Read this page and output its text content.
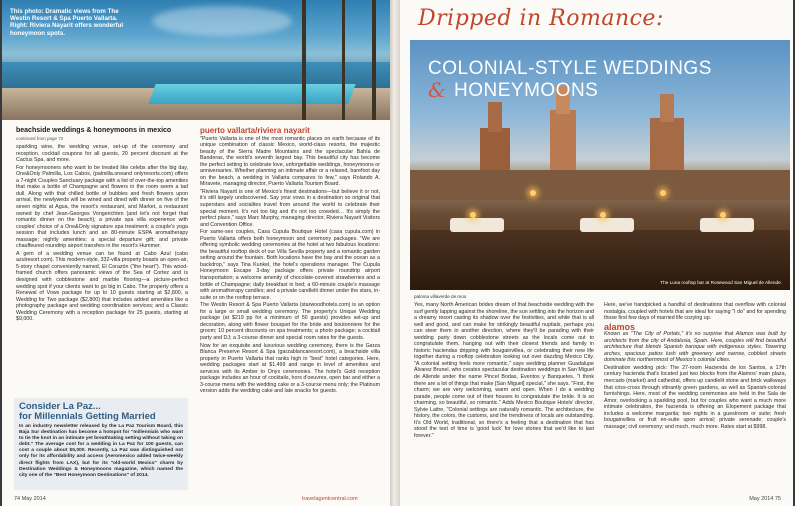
This photo: Dramatic views from The Westin Resort & Spa Puerto Vallarta. Right: Riviera Nayarit offers wonderful honeymoon spots.
beachside weddings & honeymoons in mexico
continued from page 72

sparkling wine, the wedding venue, set-up of the ceremony and reception, cocktail coupons for all guests, 20 percent discount at the Cactus Spa, and more.

For honeymooners who want to be treated like celebs after the big day, One&Only Palmilla, Los Cabos, (palmilla.oneand onlyresorts.com) offers a 7-night Couples Sanctuary package with a list of over-the-top amenities that make a bottle of Champagne and flowers in the room seem a tad dull. Along with that chilled bottle of bubbles and fresh flowers upon arrival, the newlyweds will be wined and dined with dinner on five of the seven nights at Agua, the resort's restaurant, and Market, a restaurant owned by chef Jean-Georges Vongerichten (and let's not forget that romantic dinner on the beach); a private spa villa experience with couples' choice of a One&Only signature spa treatment; a couple's yoga session that includes lunch and an 80-minute ESPA aromatherapy massage; nightly amenities; a special departure gift; and private chauffeured roundtrip airport transfers in the resort's Hummer.

A gem of a wedding venue can be found at Cabo Azul (cabo azulresort.com). This modern-style, 332-villa property boasts an open-air, 5-story chapel conveniently named, El Corazón ("the heart"). This wood-framed church offers panoramic views of the Sea of Cortez and is designed with cobblestone and marble flooring—a picture-perfect wedding spot if your clients want to go big in Cabo. The property offers a Renewal of Vows package for up to 10 guests starting at $2,800, a Wedding for Two package ($2,800) that includes added amenities like a photography package and wedding coordination services; and a Classic Wedding Ceremony with a reception package for 25 guests, starting at $9,000.

Consider La Paz...
for Millennials Getting Married
In an industry newsletter released by the La Paz Tourism Board, this Baja Sur destination has become a hotspot for "millennials who want to tie the knot in an intimate yet breathtaking setting without taking on debt." The average cost for a wedding in La Paz for 100 guests, can cost a couple about $5,000. Recently, La Paz was distinguished not only for its affordability and access (Aeromexico added twice-weekly direct flights from LAX), but for its "old-world Mexico" charm by Destination Weddings & Honeymoons magazine, which named the city one of the "Best Honeymoon Destinations" of 2014.
puerto vallarta/riviera nayarit

"Puerto Vallarta is one of the most romantic places on earth because of its unique combination of classic Mexico, world-class resorts, the majestic beauty of the Sierra Madre Mountains and the spectacular Bahía de Banderas, the world's seventh largest bay. This beautiful city has become the perfect setting to celebrate love, unforgettable weddings, honeymoons or anniversaries. Whether planning an intimate affair or a relaxed, barefoot day on the beach, a wedding in Vallarta compares to few," says Rolando A. Miravete, managing director, Puerto Vallarta Tourism Board.

"Riviera Nayarit is one of Mexico's finest destinations—but believe it or not, it's still largely undiscovered. Say your vows in a destination so original that superstars and socialites travel from around the world to celebrate their special moment. It's not too big and it's not too crowded… It's simply the perfect place," says Marc Murphy, managing director, Riviera Nayarit Visitors and Convention Office.

For same-sex couples, Casa Cupula Boutique Hotel (casa cupula.com) in Puerto Vallarta offers both honeymoon and ceremony packages. "We are offering symbolic wedding ceremonies at the hotel at two fabulous locations: the beautiful rooftop deck of our Villa Sevilla property and a romantic garden setting around the fountain. Both locations have the bay and the ocean as a backdrop," says Tina Kunkel, the hotel's operations manager. The Cupula Honeymoon Escape 3-day package offers private roundtrip airport transportation; a welcome amenity of chocolate-covered strawberries and a bottle of Champagne; daily breakfast in bed; a 60-minute couple's massage with aromatherapy candles; and a private candlelit dinner under the stars, in-suite or on the rooftop terrace.

The Westin Resort & Spa Puerto Vallarta (starwoodhotels.com) is an option for a large or small wedding ceremony. The property's Unique Wedding package (at $219 pp for a minimum of 50 guests) provides set-up and decoration, along with flower bouquet for the bride and boutonniere for the groom; 10 percent discounts on spa treatments; a photo package; a cocktail party and DJ; a 3-course dinner and special room rates for the guests.

Now for an exquisite and luxurious wedding ceremony, there is the Garza Blanca Preserve Resort & Spa (garzablancaresort.com), a beachside villa property in Puerto Vallarta that ranks high in "best" hotel categories. Here, wedding packages start at $1,499 and range in level of amenities and services with its Amber to Onyx ceremonies. The hotel's Gold reception package includes an hour of cocktails, hors d'oeuvres, open bar and either a 3-course menu with the wedding cake or a 3-course menu only; the Platinum version adds the wedding cake and late snacks for guests.

74 May 2014	travelagentcentral.com
Dripped in Romance:
COLONIAL-STYLE WEDDINGS
& HONEYMOONS
The Luna rooftop bar at Rosewood San Miguel de Allende.
paloma villaverde de moo

Yes, many North American brides dream of that beachside wedding with the surf gently lapping against the shoreline, the sun settling into the horizon and a dreamy resort casting its shadow over the festivities, and while that is all well and good, and can make for strikingly beautiful nuptials, perhaps you can steer them in another direction, where they'll be parading with their wedding party down cobblestone streets as the locals come out to congratulate them, hanging out with their closest friends and family in historic haciendas dripping with bougainvillea, or celebrating their new life together during a rooftop celebration looking out over dazzling Mexico City. "A colonial setting feels more romantic," says wedding planner Guadalupe Álvarez Brunel, who creates spectacular destination weddings in San Miguel de Allende under the name Pincel Bodas, Eventos y Banquetes. "I think there are a lot of things that make [San Miguel] special," she says. "First, the charm; we are very welcoming, warm and open. When I do a wedding parade, people come out of their houses to congratulate the bride. It is so charming, so beautiful, so romantic." Adds Mexico Boutique Hotels' director, Sylvie Laitre, "Colonial settings are naturally romantic. The architecture, the history, the colors, the customs, and the trendiness of locals are outstanding. It's Old World, traditional, so there's a feeling that a destination that has stood the test of time is 'good luck' for love stories that we'd like to last forever."

Here, we've handpicked a handful of destinations that overflow with colonial nostalgia, coupled with hotels that are ideal for saying "I do" and for spending those first few days of married life cozying up.

alamos

Known as "The City of Portals," it's no surprise that Alamos was built by architects from the city of Andalusia, Spain. Here, couples will find beautiful architecture that blends Spanish baroque with indigenous styles. Towering arches, spacious patios lush with greenery and narrow, cobbled streets dominate this northernmost of Mexico's colonial cities.

Destination wedding pick: The 27-room Hacienda de los Santos, a 17th century hacienda that's located just two blocks from the Alamos' main plaza, mercado (market) and cathedral, offers up candlelit stone and brick walkways that criss-cross through vibrantly green gardens, as well as Spanish-colonial furnishings. Here, most of the wedding ceremonies are held in the Sala de Amor, overlooking a sparkling pool, but for couples who want a much more intimate celebration, the hacienda is offering an Elopement package that includes a welcome margarita; two nights in a guestroom or suite; fresh bougainvillea or fruit en-suite upon arrival; private serenade; couple's massage; civil ceremony; and much, much more. Rates start at $998.

May 2014 75
